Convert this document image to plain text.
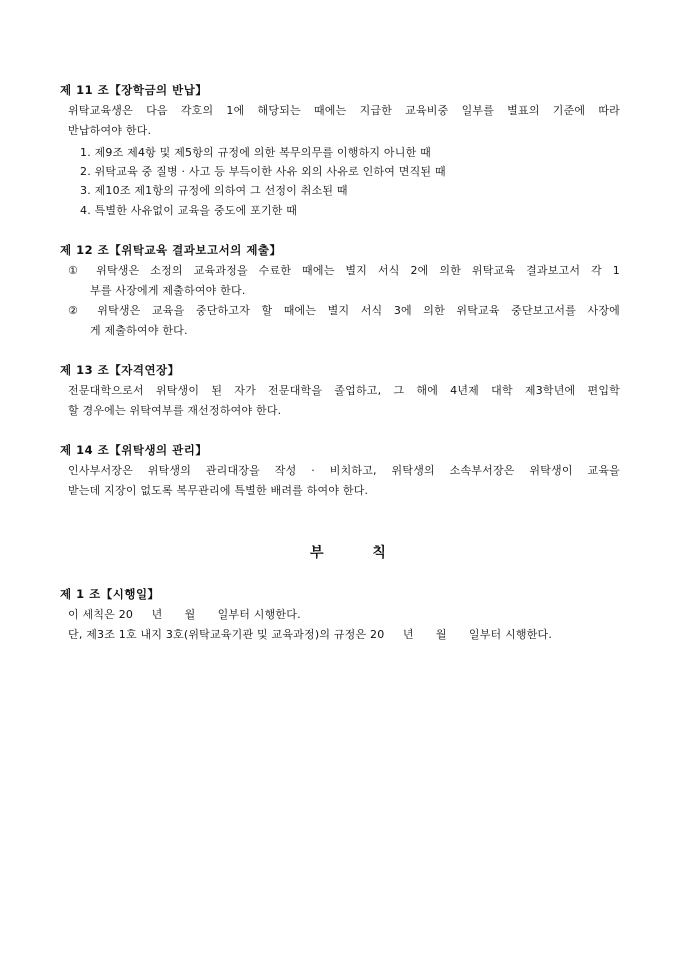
제 11 조【장학금의 반납】
위탁교육생은 다음 각호의 1에 해당되는 때에는 지급한 교육비중 일부를 별표의 기준에 따라
반납하여야 한다.
1. 제9조 제4항 및 제5항의 규정에 의한 복무의무를 이행하지 아니한 때
2. 위탁교육 중 질병 · 사고 등 부득이한 사유 외의 사유로 인하여 면직된 때
3. 제10조 제1항의 규정에 의하여 그 선정이 취소된 때
4. 특별한 사유없이 교육을 중도에 포기한 때
제 12 조【위탁교육 결과보고서의 제출】
① 위탁생은 소정의 교육과정을 수료한 때에는 별지 서식 2에 의한 위탁교육 결과보고서 각 1
부를 사장에게 제출하여야 한다.
② 위탁생은 교육을 중단하고자 할 때에는 별지 서식 3에 의한 위탁교육 중단보고서를 사장에
게 제출하여야 한다.
제 13 조【자격연장】
전문대학으로서 위탁생이 된 자가 전문대학을 졸업하고, 그 해에 4년제 대학 제3학년에 편입학
할 경우에는 위탁여부를 재선정하여야 한다.
제 14 조【위탁생의 관리】
인사부서장은 위탁생의 관리대장을 작성 · 비치하고, 위탁생의 소속부서장은 위탁생이 교육을
받는데 지장이 없도록 복무관리에 특별한 배려를 하여야 한다.
부 칙
제 1 조【시행일】
이 세칙은 20     년      월      일부터 시행한다.
단, 제3조 1호 내지 3호(위탁교육기관 및 교육과정)의 규정은 20     년      월      일부터 시행한다.
